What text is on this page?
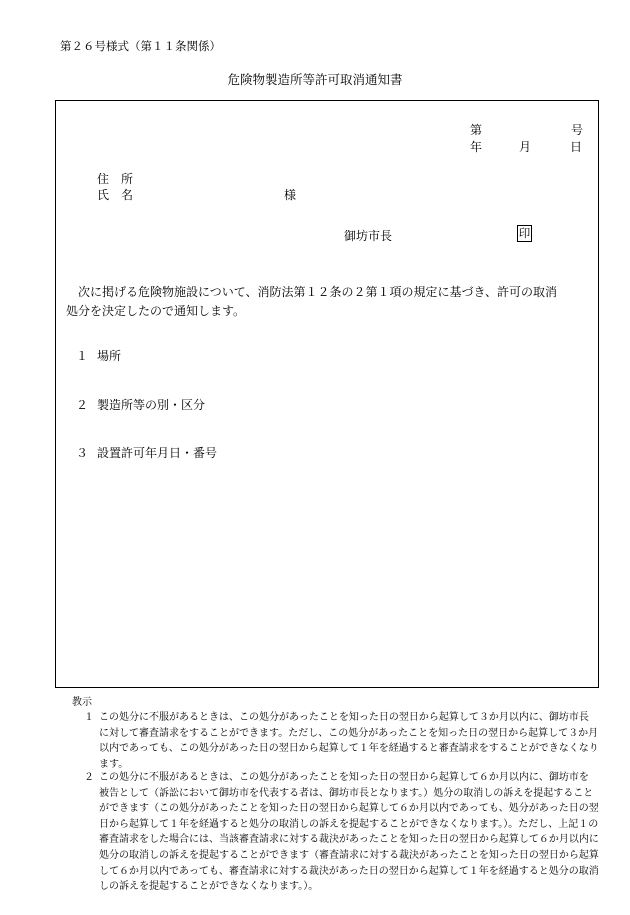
第２６号様式（第１１条関係）
危険物製造所等許可取消通知書
第	号
年	月	日
住　所
氏　名	様
御坊市長	印

　次に掲げる危険物施設について、消防法第１２条の２第１項の規定に基づき、許可の取消

処分を決定したので通知します。

１ 場所
２ 製造所等の別・区分
３ 設置許可年月日・番号
教示
１ この処分に不服があるときは、この処分があったことを知った日の翌日から起算して３か月以内に、御坊市長
に対して審査請求をすることができます。ただし、この処分があったことを知った日の翌日から起算して３か月
以内であっても、この処分があった日の翌日から起算して１年を経過すると審査請求をすることができなくなり
ます。
２ この処分に不服があるときは、この処分があったことを知った日の翌日から起算して６か月以内に、御坊市を
被告として（訴訟において御坊市を代表する者は、御坊市長となります。）処分の取消しの訴えを提起すること
ができます（この処分があったことを知った日の翌日から起算して６か月以内であっても、処分があった日の翌
日から起算して１年を経過すると処分の取消しの訴えを提起することができなくなります。）。ただし、上記１の
審査請求をした場合には、当該審査請求に対する裁決があったことを知った日の翌日から起算して６か月以内に
処分の取消しの訴えを提起することができます（審査請求に対する裁決があったことを知った日の翌日から起算
して６か月以内であっても、審査請求に対する裁決があった日の翌日から起算して１年を経過すると処分の取消
しの訴えを提起することができなくなります。）。
